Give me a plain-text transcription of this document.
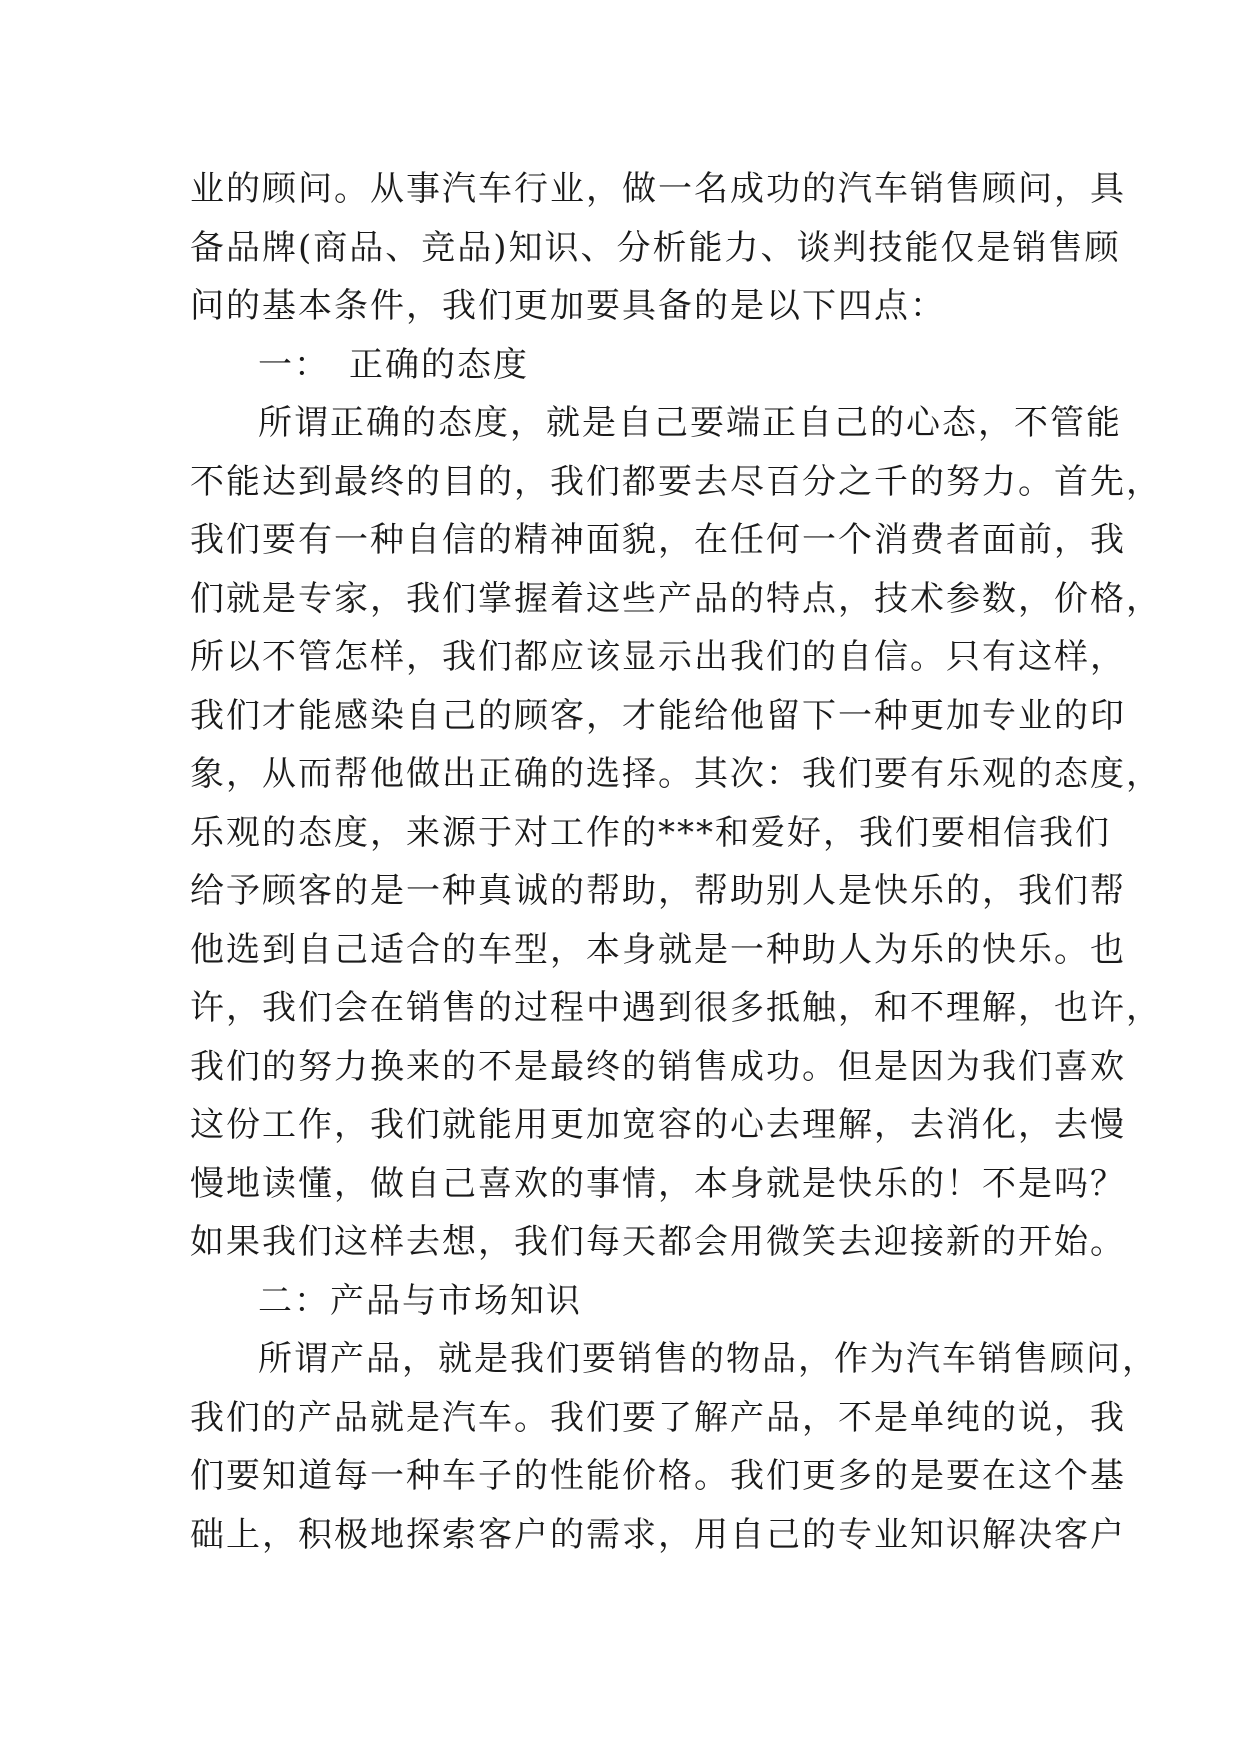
业的顾问。从事汽车行业，做一名成功的汽车销售顾问，具
备品牌(商品、竞品)知识、分析能力、谈判技能仅是销售顾
问的基本条件，我们更加要具备的是以下四点：
一：　正确的态度
所谓正确的态度，就是自己要端正自己的心态，不管能
不能达到最终的目的，我们都要去尽百分之千的努力。首先，
我们要有一种自信的精神面貌，在任何一个消费者面前，我
们就是专家，我们掌握着这些产品的特点，技术参数，价格，
所以不管怎样，我们都应该显示出我们的自信。只有这样，
我们才能感染自己的顾客，才能给他留下一种更加专业的印
象，从而帮他做出正确的选择。其次：我们要有乐观的态度，
乐观的态度，来源于对工作的***和爱好，我们要相信我们
给予顾客的是一种真诚的帮助，帮助别人是快乐的，我们帮
他选到自己适合的车型，本身就是一种助人为乐的快乐。也
许，我们会在销售的过程中遇到很多抵触，和不理解，也许，
我们的努力换来的不是最终的销售成功。但是因为我们喜欢
这份工作，我们就能用更加宽容的心去理解，去消化，去慢
慢地读懂，做自己喜欢的事情，本身就是快乐的！不是吗？
如果我们这样去想，我们每天都会用微笑去迎接新的开始。
二：产品与市场知识
所谓产品，就是我们要销售的物品，作为汽车销售顾问，
我们的产品就是汽车。我们要了解产品，不是单纯的说，我
们要知道每一种车子的性能价格。我们更多的是要在这个基
础上，积极地探索客户的需求，用自己的专业知识解决客户
